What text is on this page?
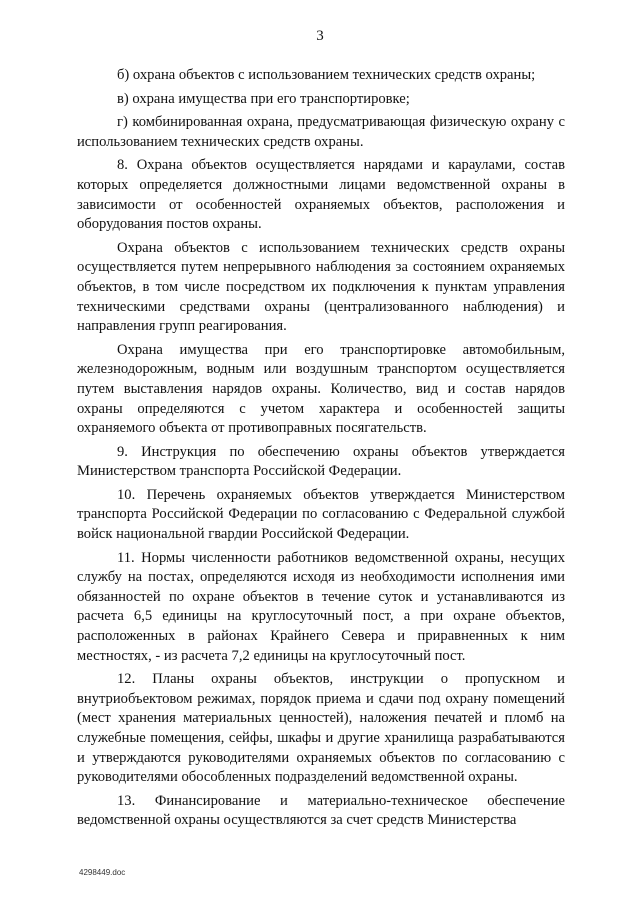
3

б) охрана объектов с использованием технических средств охраны;

в) охрана имущества при его транспортировке;

г) комбинированная охрана, предусматривающая физическую охрану с использованием технических средств охраны.

8. Охрана объектов осуществляется нарядами и караулами, состав которых определяется должностными лицами ведомственной охраны в зависимости от особенностей охраняемых объектов, расположения и оборудования постов охраны.

Охрана объектов с использованием технических средств охраны осуществляется путем непрерывного наблюдения за состоянием охраняемых объектов, в том числе посредством их подключения к пунктам управления техническими средствами охраны (централизованного наблюдения) и направления групп реагирования.

Охрана имущества при его транспортировке автомобильным, железнодорожным, водным или воздушным транспортом осуществляется путем выставления нарядов охраны. Количество, вид и состав нарядов охраны определяются с учетом характера и особенностей защиты охраняемого объекта от противоправных посягательств.

9. Инструкция по обеспечению охраны объектов утверждается Министерством транспорта Российской Федерации.

10. Перечень охраняемых объектов утверждается Министерством транспорта Российской Федерации по согласованию с Федеральной службой войск национальной гвардии Российской Федерации.

11. Нормы численности работников ведомственной охраны, несущих службу на постах, определяются исходя из необходимости исполнения ими обязанностей по охране объектов в течение суток и устанавливаются из расчета 6,5 единицы на круглосуточный пост, а при охране объектов, расположенных в районах Крайнего Севера и приравненных к ним местностях, - из расчета 7,2 единицы на круглосуточный пост.

12. Планы охраны объектов, инструкции о пропускном и внутриобъектовом режимах, порядок приема и сдачи под охрану помещений (мест хранения материальных ценностей), наложения печатей и пломб на служебные помещения, сейфы, шкафы и другие хранилища разрабатываются и утверждаются руководителями охраняемых объектов по согласованию с руководителями обособленных подразделений ведомственной охраны.

13. Финансирование и материально-техническое обеспечение ведомственной охраны осуществляются за счет средств Министерства

4298449.doc
